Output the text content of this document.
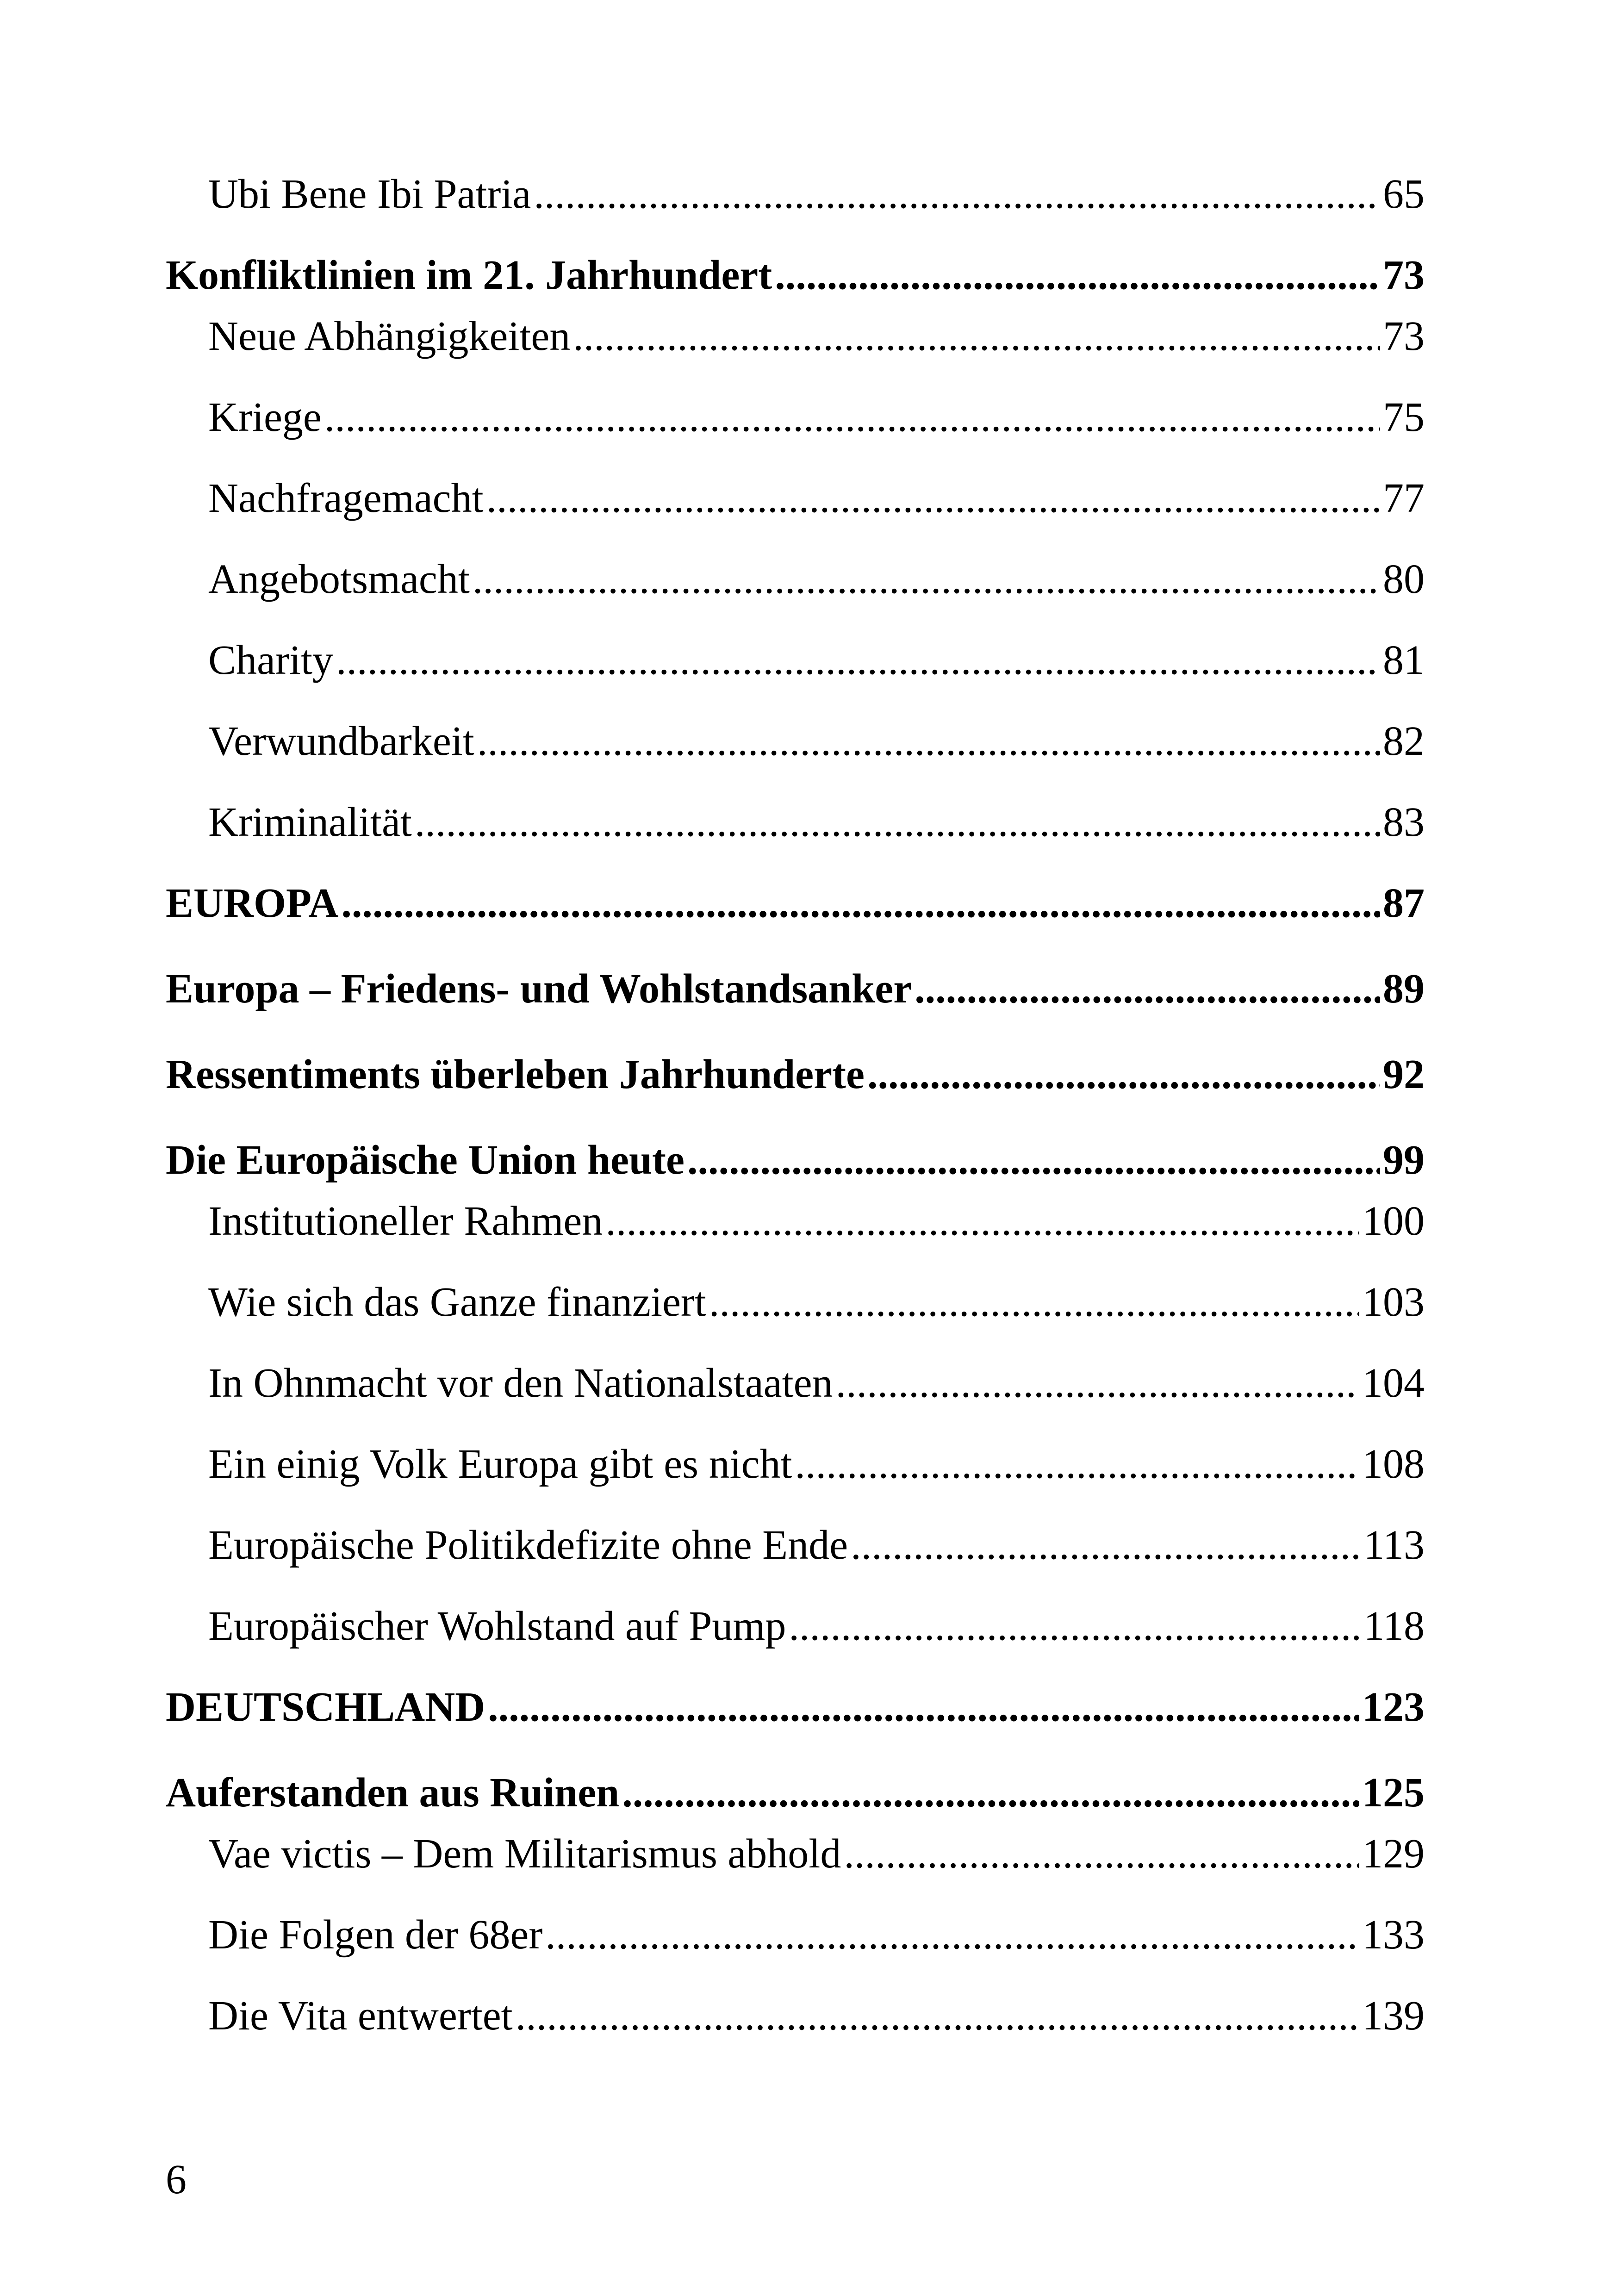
Ubi Bene Ibi Patria .....	65
Konfliktlinien im 21. Jahrhundert .....	73
Neue Abhängigkeiten .....	73
Kriege .....	75
Nachfragemacht .....	77
Angebotsmacht .....	80
Charity .....	81
Verwundbarkeit .....	82
Kriminalität .....	83
EUROPA .....	87
Europa – Friedens- und Wohlstandsanker .....	89
Ressentiments überleben Jahrhunderte .....	92
Die Europäische Union heute .....	99
Institutioneller Rahmen .....	100
Wie sich das Ganze finanziert .....	103
In Ohnmacht vor den Nationalstaaten .....	104
Ein einig Volk Europa gibt es nicht .....	108
Europäische Politikdefizite ohne Ende .....	113
Europäischer Wohlstand auf Pump .....	118
DEUTSCHLAND .....	123
Auferstanden aus Ruinen .....	125
Vae victis – Dem Militarismus abhold .....	129
Die Folgen der 68er .....	133
Die Vita entwertet .....	139
6
